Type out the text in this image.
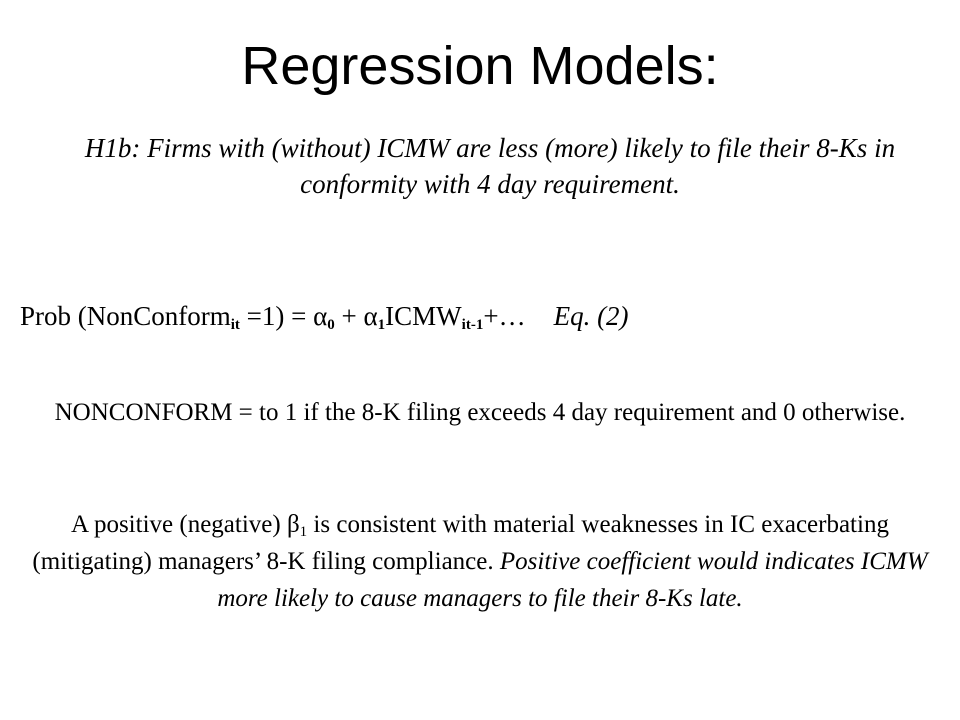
Regression Models:
H1b: Firms with (without) ICMW are less (more) likely to file their 8-Ks in conformity with 4 day requirement.
Prob (NonConform$_{it}$ $=1) = \alpha_0$ + $\alpha_1ICMW_{it-1}+\dots$ Eq. (2)
NONCONFORM = to 1 if the 8-K filing exceeds 4 day requirement and 0 otherwise.
A positive (negative) $\beta_1$ is consistent with material weaknesses in IC exacerbating (mitigating) managers’ 8-K filing compliance. Positive coefficient would indicates ICMW more likely to cause managers to file their 8-Ks late.
